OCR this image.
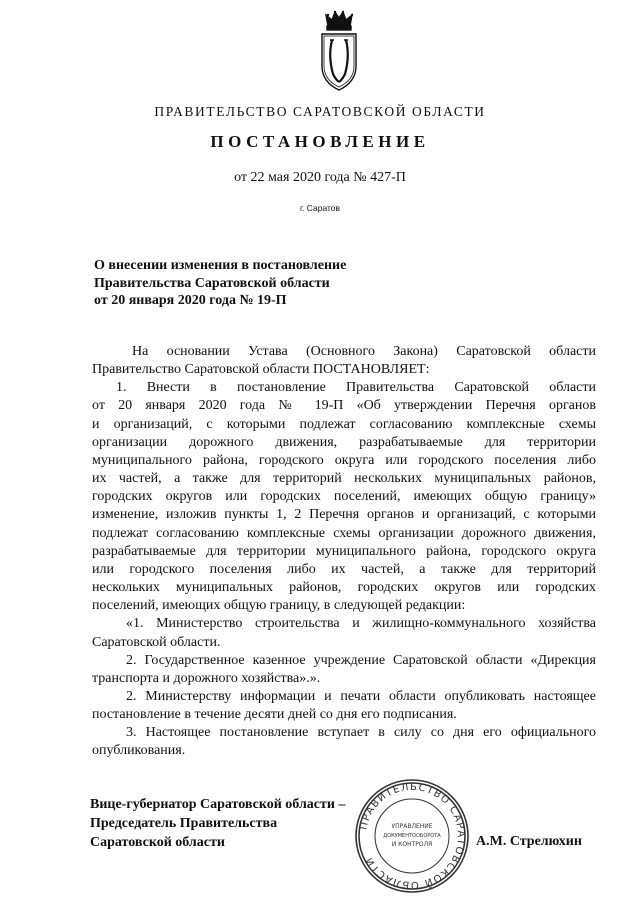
ПРАВИТЕЛЬСТВО САРАТОВСКОЙ ОБЛАСТИ
ПОСТАНОВЛЕНИЕ
от 22 мая 2020 года № 427-П
г. Саратов
О внесении изменения в постановление
Правительства Саратовской области
от 20 января 2020 года № 19-П
На основании Устава (Основного Закона) Саратовской области
Правительство Саратовской области ПОСТАНОВЛЯЕТ:
1. Внести в постановление Правительства Саратовской области
от 20 января 2020 года № 19-П «Об утверждении Перечня органов
и организаций, с которыми подлежат согласованию комплексные схемы
организации дорожного движения, разрабатываемые для территории
муниципального района, городского округа или городского поселения либо
их частей, а также для территорий нескольких муниципальных районов,
городских округов или городских поселений, имеющих общую границу»
изменение, изложив пункты 1, 2 Перечня органов и организаций, с которыми
подлежат согласованию комплексные схемы организации дорожного движения,
разрабатываемые для территории муниципального района, городского округа
или городского поселения либо их частей, а также для территорий
нескольких муниципальных районов, городских округов или городских
поселений, имеющих общую границу, в следующей редакции:
«1. Министерство строительства и жилищно-коммунального хозяйства
Саратовской области.
2. Государственное казенное учреждение Саратовской области «Дирекция
транспорта и дорожного хозяйства».».
2. Министерству информации и печати области опубликовать настоящее
постановление в течение десяти дней со дня его подписания.
3. Настоящее постановление вступает в силу со дня его официального
опубликования.
Вице-губернатор Саратовской области –
Председатель Правительства
Саратовской области
ПРАВИТЕЛЬСТВО САРАТОВСКОЙ ОБЛАСТИ
УПРАВЛЕНИЕ
ДОКУМЕНТООБОРОТА
И КОНТРОЛЯ	А.М. Стрелюхин
